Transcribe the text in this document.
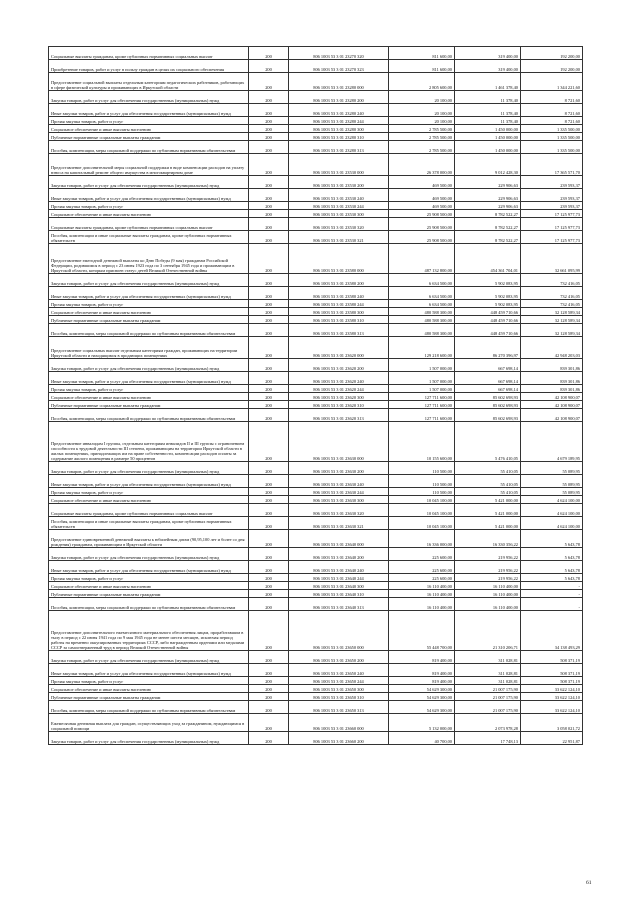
Социальные выплаты гражданам, кроме публичных нормативных социальных выплат	200	806 1003 53 3 01 23270 320	811 600,00	319 400,00	192 200,00
Приобретение товаров, работ и услуг в пользу граждан в целях их социального обеспечения	200	806 1003 53 3 01 23270 323	811 600,00	319 400,00	192 200,00
Предоставление социальной выплаты отдельным категориям педагогических работников, работающих в сфере физической культуры и проживающих в Иркутской области	200	806 1003 53 3 01 23280 000	2 805 600,00	1 461 378,40	1 344 221,60
Закупка товаров, работ и услуг для обеспечения государственных (муниципальных) нужд	200	806 1003 53 3 01 23280 200	20 100,00	11 378,40	8 721,60
Иные закупки товаров, работ и услуг для обеспечения государственных (муниципальных) нужд	200	806 1003 53 3 01 23280 240	20 100,00	11 378,40	8 721,60
Прочая закупка товаров, работ и услуг	200	806 1003 53 3 01 23280 244	20 100,00	11 378,40	8 721,60
Социальное обеспечение и иные выплаты населению	200	806 1003 53 3 01 23280 300	2 785 500,00	1 450 000,00	1 335 500,00
Публичные нормативные социальные выплаты гражданам	200	806 1003 53 3 01 23280 310	2 785 500,00	1 450 000,00	1 335 500,00
Пособия, компенсации, меры социальной поддержки по публичным нормативным обязательствам	200	806 1003 53 3 01 23280 313	2 785 500,00	1 450 000,00	1 335 500,00
Предоставление дополнительной меры социальной поддержки в виде компенсации расходов на уплату взноса на капитальный ремонт общего имущества в многоквартирном доме	200	806 1003 53 3 01 23530 000	26 378 000,00	9 012 428,30	17 365 571,70
Закупка товаров, работ и услуг для обеспечения государственных (муниципальных) нужд	200	806 1003 53 3 01 23530 200	469 500,00	229 906,63	239 593,37
Иные закупки товаров, работ и услуг для обеспечения государственных (муниципальных) нужд	200	806 1003 53 3 01 23530 240	469 500,00	229 906,63	239 593,37
Прочая закупка товаров, работ и услуг	200	806 1003 53 3 01 23530 244	469 500,00	229 906,63	239 593,37
Социальное обеспечение и иные выплаты населению	200	806 1003 53 3 01 23530 300	25 908 500,00	8 782 522,27	17 125 977,73
Социальные выплаты гражданам, кроме публичных нормативных социальных выплат	200	806 1003 53 3 01 23530 320	25 908 500,00	8 782 522,27	17 125 977,73
Пособия, компенсации и иные социальные выплаты гражданам, кроме публичных нормативных обязательств	200	806 1003 53 3 01 23530 321	25 908 500,00	8 782 522,27	17 125 977,73
Предоставление ежегодной денежной выплаты ко Дню Победы (9 мая) гражданам Российской Федерации, родившимся в период с 23 июня 1923 года по 3 сентября 1945 года и проживающим в Иркутской области, которым присвоен статус детей Великой Отечественной войны	200	806 1003 53 3 01 23580 000	487 132 800,00	454 361 704,01	32 661 095,99
Закупка товаров, работ и услуг для обеспечения государственных (муниципальных) нужд	200	806 1003 53 3 01 23580 200	6 634 500,00	5 902 083,95	732 416,05
Иные закупки товаров, работ и услуг для обеспечения государственных (муниципальных) нужд	200	806 1003 53 3 01 23580 240	6 634 500,00	5 902 083,95	732 416,05
Прочая закупка товаров, работ и услуг	200	806 1003 53 3 01 23580 244	6 634 500,00	5 902 083,95	732 416,05
Социальное обеспечение и иные выплаты населению	200	806 1003 53 3 01 23580 300	480 588 300,00	448 459 710,66	32 128 589,34
Публичные нормативные социальные выплаты гражданам	200	806 1003 53 3 01 23580 310	480 588 300,00	448 459 710,66	32 128 589,34
Пособия, компенсации, меры социальной поддержки по публичным нормативным обязательствам	200	806 1003 53 3 01 23580 313	480 588 300,00	448 459 710,66	32 128 589,34
Предоставление социальных выплат отдельным категориям граждан, проживающих на территории Иркутской области и находящимся в продающих помещениях	200	806 1003 53 3 01 23620 000	129 218 600,00	86 270 396,97	42 948 203,03
Закупка товаров, работ и услуг для обеспечения государственных (муниципальных) нужд	200	806 1003 53 3 01 23620 200	1 507 000,00	667 698,14	839 301,86
Иные закупки товаров, работ и услуг для обеспечения государственных (муниципальных) нужд	200	806 1003 53 3 01 23620 240	1 507 000,00	667 698,14	839 301,86
Прочая закупка товаров, работ и услуг	200	806 1003 53 3 01 23620 244	1 507 000,00	667 698,14	839 301,86
Социальное обеспечение и иные выплаты населению	200	806 1003 53 3 01 23620 300	127 711 600,00	85 602 698,93	42 108 900,07
Публичные нормативные социальные выплаты гражданам	200	806 1003 53 3 01 23620 310	127 711 600,00	85 602 698,93	42 108 900,07
Пособия, компенсации, меры социальной поддержки по публичным нормативным обязательствам	200	806 1003 53 3 01 23620 313	127 711 600,00	85 602 698,93	42 108 900,07
Предоставление инвалидам I группы, отдельным категориям инвалидов II и III группы с ограничением способности к трудовой деятельности III степени, проживающим на территории Иркутской области в жилых помещениях, принадлежащих им на праве собственности, компенсации расходов оплаты за содержание жилого помещения в размере 50 процентов	200	806 1003 53 3 01 23630 000	10 155 600,00	5 476 410,05	4 679 189,95
Закупка товаров, работ и услуг для обеспечения государственных (муниципальных) нужд	200	806 1003 53 3 01 23630 200	110 500,00	55 410,05	55 089,95
Иные закупки товаров, работ и услуг для обеспечения государственных (муниципальных) нужд	200	806 1003 53 3 01 23630 240	110 500,00	55 410,05	55 089,95
Прочая закупка товаров, работ и услуг	200	806 1003 53 3 01 23630 244	110 500,00	55 410,05	55 089,95
Социальное обеспечение и иные выплаты населению	200	806 1003 53 3 01 23630 300	10 045 100,00	5 421 000,00	4 624 100,00
Социальные выплаты гражданам, кроме публичных нормативных социальных выплат	200	806 1003 53 3 01 23630 320	10 045 100,00	5 421 000,00	4 624 100,00
Пособия, компенсации и иные социальные выплаты гражданам, кроме публичных нормативных обязательств	200	806 1003 53 3 01 23630 321	10 045 100,00	5 421 000,00	4 624 100,00
Предоставление единовременной денежной выплаты к юбилейным датам (90,95,100 лет и более со дня рождения) гражданам, проживающим в Иркутской области	200	806 1003 53 3 01 23640 000	16 336 000,00	16 330 356,22	5 643,78
Закупка товаров, работ и услуг для обеспечения государственных (муниципальных) нужд	200	806 1003 53 3 01 23640 200	225 600,00	219 956,22	5 643,78
Иные закупки товаров, работ и услуг для обеспечения государственных (муниципальных) нужд	200	806 1003 53 3 01 23640 240	225 600,00	219 956,22	5 643,78
Прочая закупка товаров, работ и услуг	200	806 1003 53 3 01 23640 244	225 600,00	219 956,22	5 643,78
Социальное обеспечение и иные выплаты населению	200	806 1003 53 3 01 23640 300	16 110 400,00	16 110 400,00	-
Публичные нормативные социальные выплаты гражданам	200	806 1003 53 3 01 23640 310	16 110 400,00	16 110 400,00	-
Пособия, компенсации, меры социальной поддержки по публичным нормативным обязательствам	200	806 1003 53 3 01 23640 313	16 110 400,00	16 110 400,00	-
Предоставление дополнительного ежемесячного материального обеспечения лицам, проработавшим в тылу в период с 22 июня 1941 года по 9 мая 1945 года не менее шести месяцев, исключая период работы на временно оккупированных территориях СССР, либо награжденным орденами или медалями СССР за самоотверженный труд в период Великой Отечественной войны	200	806 1003 53 3 01 23650 000	55 448 700,00	21 310 206,71	34 138 493,29
Закупка товаров, работ и услуг для обеспечения государственных (муниципальных) нужд	200	806 1003 53 3 01 23650 200	819 400,00	311 028,81	508 371,19
Иные закупки товаров, работ и услуг для обеспечения государственных (муниципальных) нужд	200	806 1003 53 3 01 23650 240	819 400,00	311 028,81	508 371,19
Прочая закупка товаров, работ и услуг	200	806 1003 53 3 01 23650 244	819 400,00	311 028,81	508 371,19
Социальное обеспечение и иные выплаты населению	200	806 1003 53 3 01 23650 300	54 629 300,00	21 007 175,90	33 622 124,10
Публичные нормативные социальные выплаты гражданам	200	806 1003 53 3 01 23650 310	54 629 300,00	21 007 175,90	33 622 124,10
Пособия, компенсации, меры социальной поддержки по публичным нормативным обязательствам	200	806 1003 53 3 01 23650 313	54 629 300,00	21 007 175,90	33 622 124,10
Ежемесячная денежная выплата для граждан, осуществляющих уход за гражданином, нуждающимся в социальной помощи	200	806 1003 53 3 01 23660 000	5 132 000,00	2 073 978,28	3 058 021,72
Закупка товаров, работ и услуг для обеспечения государственных (муниципальных) нужд	200	806 1003 53 3 01 23660 200	40 700,00	17 748,13	22 951,87
61
